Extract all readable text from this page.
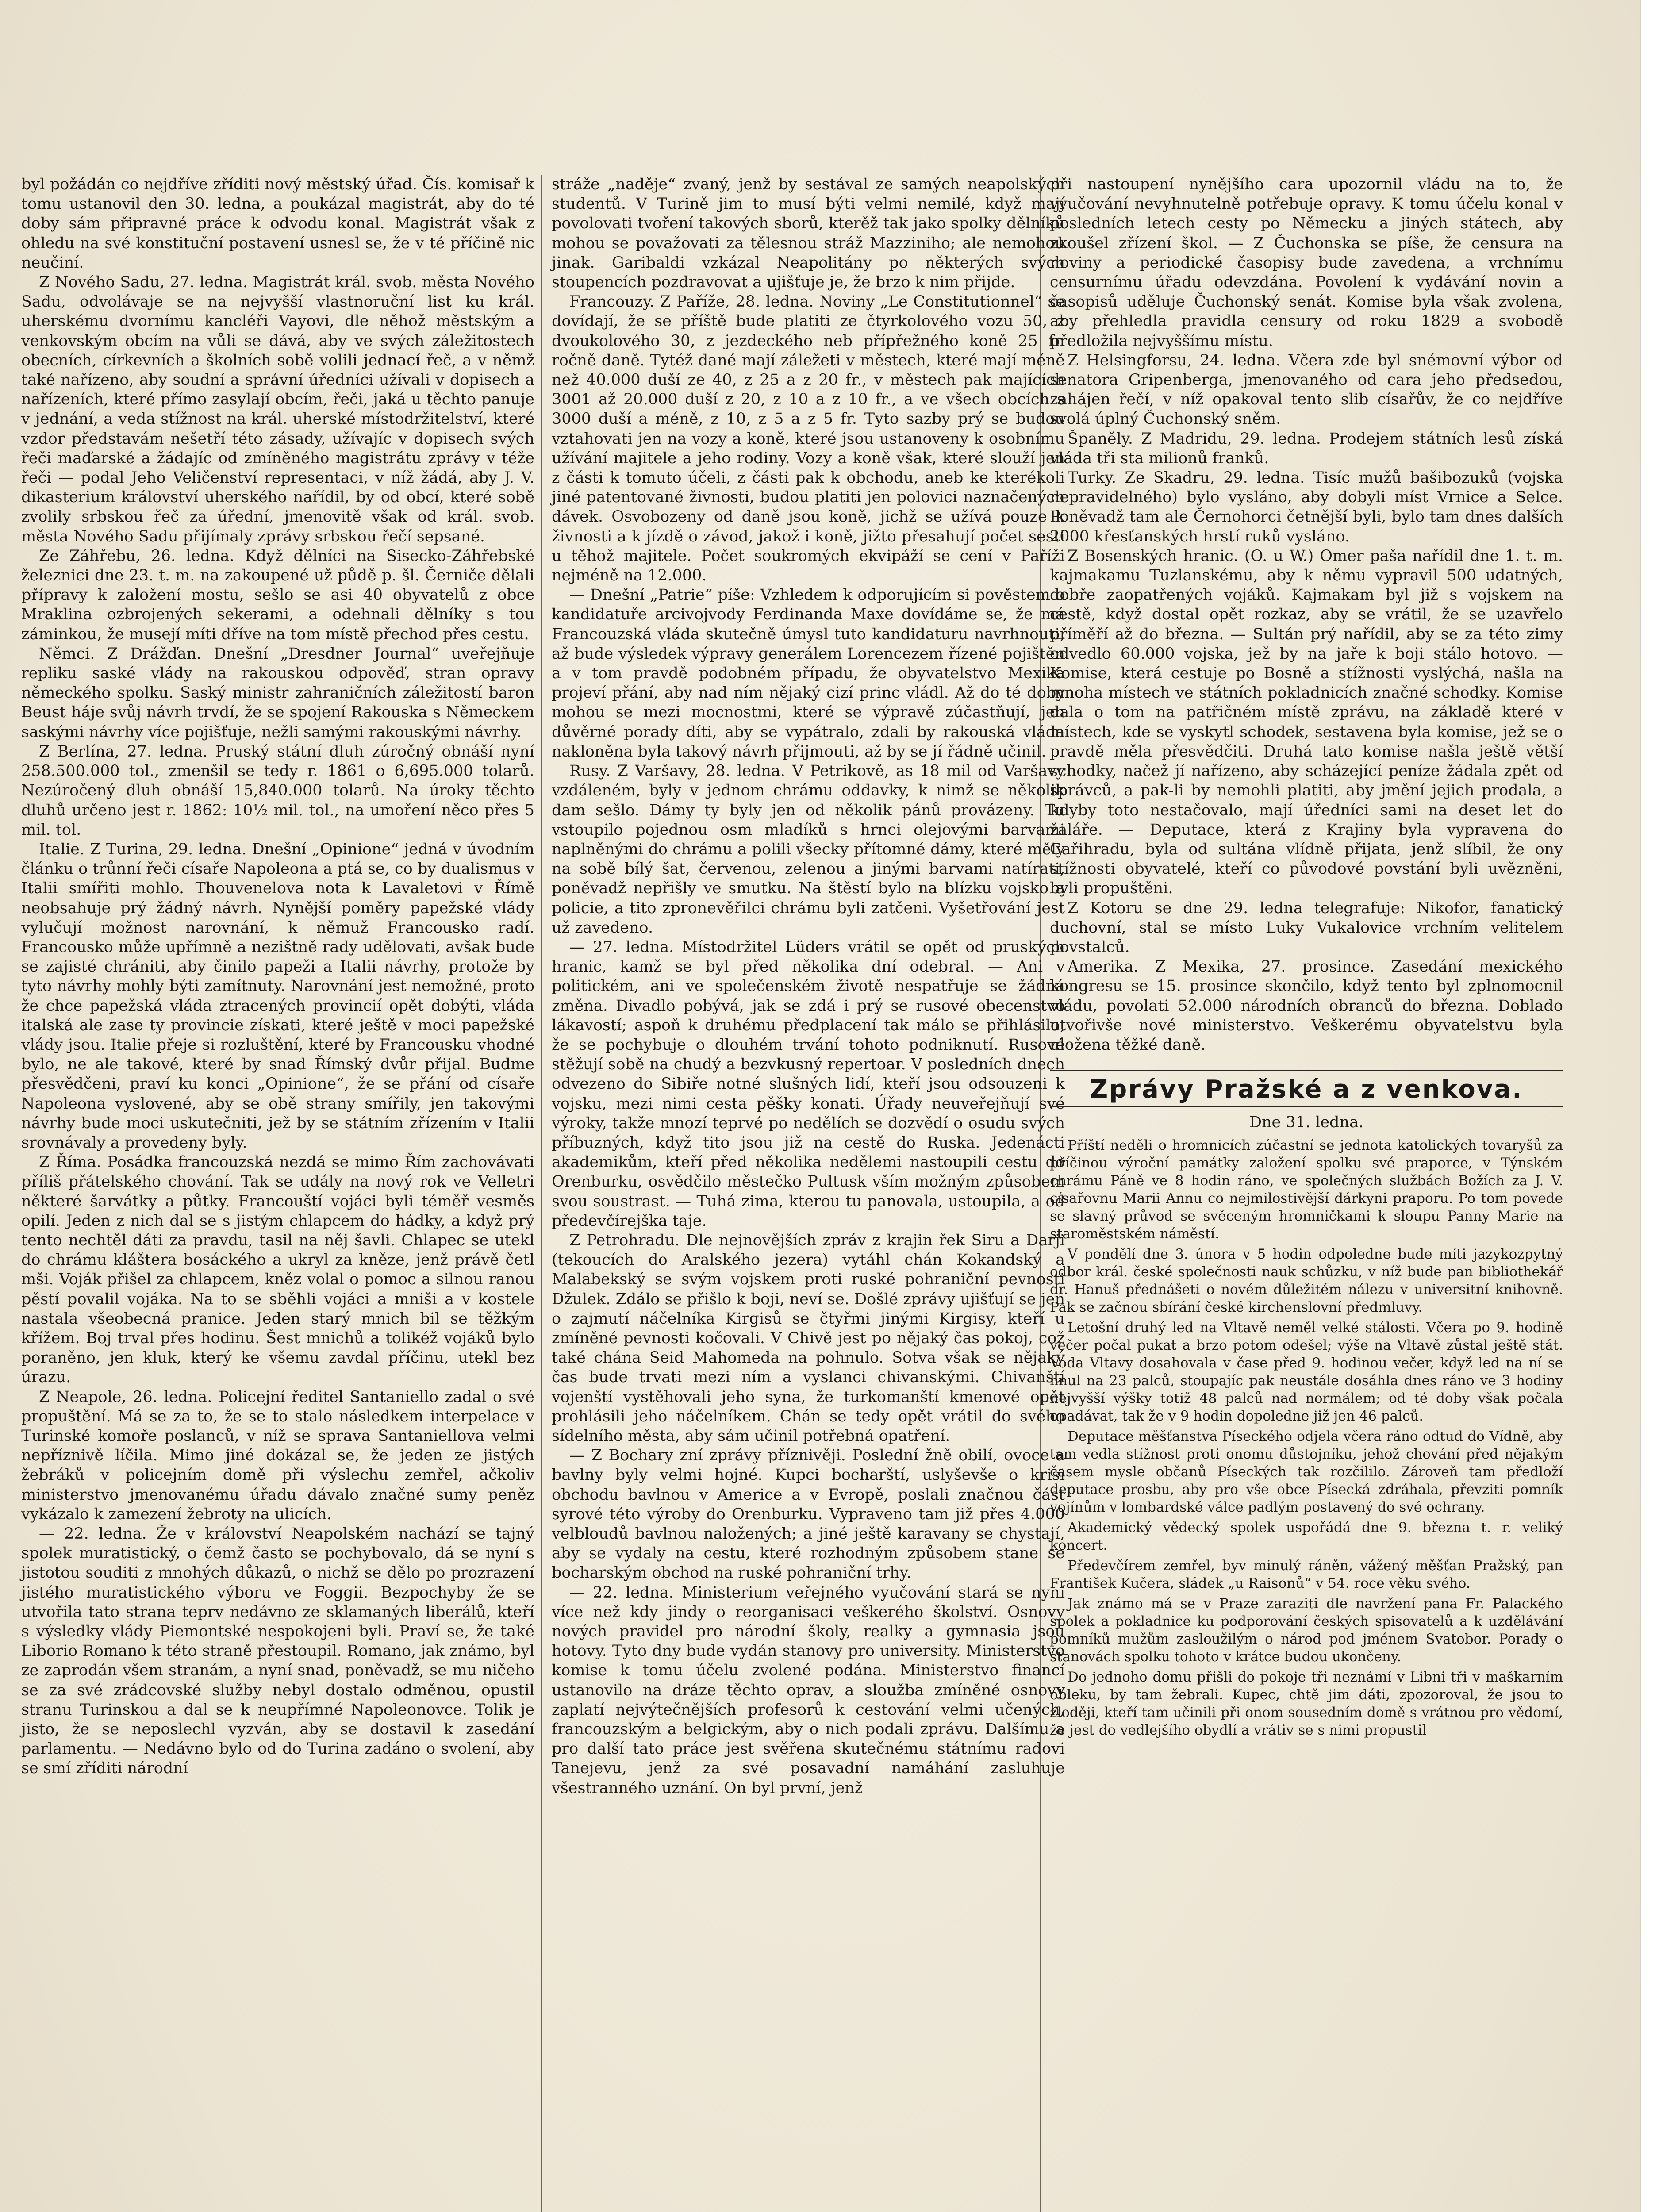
byl požádán co nejdříve zříditi nový městský úřad. Čís. komisař k tomu ustanovil den 30. ledna, a poukázal magistrát, aby do té doby sám připravné práce k odvodu konal. Magistrát však z ohledu na své konstituční postavení usnesl se, že v té příčině nic neučiní.

Z Nového Sadu, 27. ledna. Magistrát král. svob. města Nového Sadu, odvolávaje se na nejvyšší vlastnoruční list ku král. uherskému dvornímu kancléři Vayovi, dle něhož městským a venkovským obcím na vůli se dává, aby ve svých záležitostech obecních, církevních a školních sobě volili jednací řeč, a v němž také nařízeno, aby soudní a správní úředníci užívali v dopisech a nařízeních, které přímo zasylají obcím, řeči, jaká u těchto panuje v jednání, a veda stížnost na král. uherské místodržitelství, které vzdor představám nešetří této zásady, užívajíc v dopisech svých řeči maďarské a žádajíc od zmíněného magistrátu zprávy v téže řeči — podal Jeho Veličenství representaci, v níž žádá, aby J. V. dikasterium království uherského nařídil, by od obcí, které sobě zvolily srbskou řeč za úřední, jmenovitě však od král. svob. města Nového Sadu přijímaly zprávy srbskou řečí sepsané.

Ze Záhřebu, 26. ledna. Když dělníci na Sisecko-Záhřebské železnici dne 23. t. m. na zakoupené už půdě p. šl. Černiče dělali přípravy k založení mostu, sešlo se asi 40 obyvatelů z obce Mraklina ozbrojených sekerami, a odehnali dělníky s tou záminkou, že musejí míti dříve na tom místě přechod přes cestu.

Němci. Z Drážďan. Dnešní „Dresdner Journal“ uveřejňuje repliku saské vlády na rakouskou odpověď, stran opravy německého spolku. Saský ministr zahraničních záležitostí baron Beust háje svůj návrh trvdí, že se spojení Rakouska s Německem saskými návrhy více pojišťuje, nežli samými rakouskými návrhy.

Z Berlína, 27. ledna. Pruský státní dluh zúročný obnáší nyní 258.500.000 tol., zmenšil se tedy r. 1861 o 6,695.000 tolarů. Nezúročený dluh obnáší 15,840.000 tolarů. Na úroky těchto dluhů určeno jest r. 1862: 10½ mil. tol., na umoření něco přes 5 mil. tol.

Italie. Z Turina, 29. ledna. Dnešní „Opinione“ jedná v úvodním článku o trůnní řeči císaře Napoleona a ptá se, co by dualismus v Italii smířiti mohlo. Thouvenelova nota k Lavaletovi v Římě neobsahuje prý žádný návrh. Nynější poměry papežské vlády vylučují možnost narovnání, k němuž Francousko radí. Francousko může upřímně a nezištně rady udělovati, avšak bude se zajisté chrániti, aby činilo papeži a Italii návrhy, protože by tyto návrhy mohly býti zamítnuty. Narovnání jest nemožné, proto že chce papežská vláda ztracených provincií opět dobýti, vláda italská ale zase ty provincie získati, které ještě v moci papežské vlády jsou. Italie přeje si rozluštění, které by Francousku vhodné bylo, ne ale takové, které by snad Římský dvůr přijal. Budme přesvědčeni, praví ku konci „Opinione“, že se přání od císaře Napoleona vyslovené, aby se obě strany smířily, jen takovými návrhy bude moci uskutečniti, jež by se státním zřízením v Italii srovnávaly a provedeny byly.

Z Říma. Posádka francouzská nezdá se mimo Řím zachovávati příliš přátelského chování. Tak se udály na nový rok ve Velletri některé šarvátky a půtky. Francouští vojáci byli téměř vesměs opilí. Jeden z nich dal se s jistým chlapcem do hádky, a když prý tento nechtěl dáti za pravdu, tasil na něj šavli. Chlapec se utekl do chrámu kláštera bosáckého a ukryl za kněze, jenž právě četl mši. Voják přišel za chlapcem, kněz volal o pomoc a silnou ranou pěstí povalil vojáka. Na to se sběhli vojáci a mniši a v kostele nastala všeobecná pranice. Jeden starý mnich bil se těžkým křížem. Boj trval přes hodinu. Šest mnichů a tolikéž vojáků bylo poraněno, jen kluk, který ke všemu zavdal příčinu, utekl bez úrazu.

Z Neapole, 26. ledna. Policejní ředitel Santaniello zadal o své propuštění. Má se za to, že se to stalo následkem interpelace v Turinské komoře poslanců, v níž se sprava Santaniellova velmi nepříznivě líčila. Mimo jiné dokázal se, že jeden ze jistých žebráků v policejním domě při výslechu zemřel, ačkoliv ministerstvo jmenovanému úřadu dávalo značné sumy peněz vykázalo k zamezení žebroty na ulicích.

— 22. ledna. Že v království Neapolském nachází se tajný spolek muratistický, o čemž často se pochybovalo, dá se nyní s jistotou souditi z mnohých důkazů, o nichž se dělo po prozrazení jistého muratistického výboru ve Foggii. Bezpochyby že se utvořila tato strana teprv nedávno ze sklamaných liberálů, kteří s výsledky vlády Piemontské nespokojeni byli. Praví se, že také Liborio Romano k této straně přestoupil. Romano, jak známo, byl ze zaprodán všem stranám, a nyní snad, poněvadž, se mu ničeho se za své zrádcovské služby nebyl dostalo odměnou, opustil stranu Turinskou a dal se k neupřímné Napoleonovce. Tolik je jisto, že se neposlechl vyzván, aby se dostavil k zasedání parlamentu. — Nedávno bylo od do Turina zadáno o svolení, aby se smí zříditi národní

stráže „naděje“ zvaný, jenž by sestával ze samých neapolských studentů. V Turině jim to musí býti velmi nemilé, když mají povolovati tvoření takových sborů, kterěž tak jako spolky dělníků mohou se považovati za tělesnou stráž Mazziniho; ale nemohou jinak. Garibaldi vzkázal Neapolitány po některých svých stoupencích pozdravovat a ujišťuje je, že brzo k nim přijde.

Francouzy. Z Paříže, 28. ledna. Noviny „Le Constitutionnel“ se dovídají, že se příště bude platiti ze čtyrkolového vozu 50, z dvoukolového 30, z jezdeckého neb přípřežného koně 25 fr. ročně daně. Tytéž dané mají záležeti v městech, které mají méně než 40.000 duší ze 40, z 25 a z 20 fr., v městech pak majících 3001 až 20.000 duší z 20, z 10 a z 10 fr., a ve všech obcích s 3000 duší a méně, z 10, z 5 a z 5 fr. Tyto sazby prý se budou vztahovati jen na vozy a koně, které jsou ustanoveny k osobnímu užívání majitele a jeho rodiny. Vozy a koně však, které slouží jen z části k tomuto účeli, z části pak k obchodu, aneb ke kterékoli jiné patentované živnosti, budou platiti jen polovici naznačených dávek. Osvobozeny od daně jsou koně, jichž se užívá pouze k živnosti a k jízdě o závod, jakož i koně, jižto přesahují počet sesti u těhož majitele. Počet soukromých ekvipáží se cení v Paříži nejméně na 12.000.

— Dnešní „Patrie“ píše: Vzhledem k odporujícím si pověstem o kandidatuře arcivojvody Ferdinanda Maxe dovídáme se, že má Francouzská vláda skutečně úmysl tuto kandidaturu navrhnouti, až bude výsledek výpravy generálem Lorencezem řízené pojištěn a v tom pravdě podobném případu, že obyvatelstvo Mexika projeví přání, aby nad ním nějaký cizí princ vládl. Až do té doby mohou se mezi mocnostmi, které se výpravě zúčastňují, jen důvěrné porady díti, aby se vypátralo, zdali by rakouská vláda nakloněna byla takový návrh přijmouti, až by se jí řádně učinil.

Rusy. Z Varšavy, 28. ledna. V Petrikově, as 18 mil od Varšavy vzdáleném, byly v jednom chrámu oddavky, k nimž se několik dam sešlo. Dámy ty byly jen od několik pánů provázeny. Tu vstoupilo pojednou osm mladíků s hrnci olejovými barvami naplněnými do chrámu a polili všecky přítomné dámy, které měly na sobě bílý šat, červenou, zelenou a jinými barvami natírati, poněvadž nepřišly ve smutku. Na štěstí bylo na blízku vojsko a policie, a tito zpronevěřilci chrámu byli zatčeni. Vyšetřování jest už zavedeno.

— 27. ledna. Místodržitel Lüders vrátil se opět od pruských hranic, kamž se byl před několika dní odebral. — Ani v politickém, ani ve společenském životě nespatřuje se žádná změna. Divadlo pobývá, jak se zdá i prý se rusové obecenstvo lákavostí; aspoň k druhému předplacení tak málo se přihlásilo, že se pochybuje o dlouhém trvání tohoto podniknutí. Rusové stěžují sobě na chudý a bezvkusný repertoar. V posledních dnech odvezeno do Sibiře notné slušných lidí, kteří jsou odsouzeni k vojsku, mezi nimi cesta pěšky konati. Úřady neuveřejňují své výroky, takže mnozí teprvé po nedělích se dozvědí o osudu svých příbuzných, když tito jsou již na cestě do Ruska. Jedenácti akademikům, kteří před několika nedělemi nastoupili cestu do Orenburku, osvědčilo městečko Pultusk vším možným způsobem svou soustrast. — Tuhá zima, kterou tu panovala, ustoupila, a od předevčírejška taje.

Z Petrohradu. Dle nejnovějších zpráv z krajin řek Siru a Darji (tekoucích do Aralského jezera) vytáhl chán Kokandský a Malabekský se svým vojskem proti ruské pohraniční pevnosti Džulek. Zdálo se přišlo k boji, neví se. Došlé zprávy ujišťují se jen o zajmutí náčelníka Kirgisů se čtyřmi jinými Kirgisy, kteří u zmíněné pevnosti kočovali. V Chivě jest po nějaký čas pokoj, což také chána Seid Mahomeda na pohnulo. Sotva však se nějaký čas bude trvati mezi ním a vyslanci chivanskými. Chivanští vojenští vystěhovali jeho syna, že turkomanští kmenové opět prohlásili jeho náčelníkem. Chán se tedy opět vrátil do svého sídelního města, aby sám učinil potřebná opatření.

— Z Bochary zní zprávy příznivěji. Poslední žně obilí, ovoce a bavlny byly velmi hojné. Kupci bocharští, uslyševše o krisi obchodu bavlnou v Americe a v Evropě, poslali značnou část syrové této výroby do Orenburku. Vypraveno tam již přes 4.000 velbloudů bavlnou naložených; a jiné ještě karavany se chystají, aby se vydaly na cestu, které rozhodným způsobem stane se bocharským obchod na ruské pohraniční trhy.

— 22. ledna. Ministerium veřejného vyučování stará se nyní více než kdy jindy o reorganisaci veškerého školství. Osnovy nových pravidel pro národní školy, realky a gymnasia jsou hotovy. Tyto dny bude vydán stanovy pro university. Ministerstvo komise k tomu účelu zvolené podána. Ministerstvo financí ustanovilo na dráze těchto oprav, a sloužba zmíněné osnovy zaplatí nejvýtečnějších profesorů k cestování velmi učených, francouzským a belgickým, aby o nich podali zprávu. Dalšímu a pro další tato práce jest svěřena skutečnému státnímu radovi Tanejevu, jenž za své posavadní namáhání zasluhuje všestranného uznání. On byl první, jenž

při nastoupení nynějšího cara upozornil vládu na to, že vyučování nevyhnutelně potřebuje opravy. K tomu účelu konal v posledních letech cesty po Německu a jiných státech, aby zkoušel zřízení škol. — Z Čuchonska se píše, že censura na noviny a periodické časopisy bude zavedena, a vrchnímu censurnímu úřadu odevzdána. Povolení k vydávání novin a časopisů uděluje Čuchonský senát. Komise byla však zvolena, aby přehledla pravidla censury od roku 1829 a svobodě předložila nejvyššímu místu.

Z Helsingforsu, 24. ledna. Včera zde byl snémovní výbor od senatora Gripenberga, jmenovaného od cara jeho předsedou, zahájen řečí, v níž opakoval tento slib císařův, že co nejdříve svolá úplný Čuchonský sněm.

Španěly. Z Madridu, 29. ledna. Prodejem státních lesů získá vláda tři sta milionů franků.

Turky. Ze Skadru, 29. ledna. Tisíc mužů bašibozuků (vojska nepravidelného) bylo vysláno, aby dobyli míst Vrnice a Selce. Poněvadž tam ale Černohorci četnější byli, bylo tam dnes dalších 2000 křesťanských hrstí ruků vysláno.

Z Bosenských hranic. (O. u W.) Omer paša nařídil dne 1. t. m. kajmakamu Tuzlanskému, aby k němu vypravil 500 udatných, dobře zaopatřených vojáků. Kajmakam byl již s vojskem na cestě, když dostal opět rozkaz, aby se vrátil, že se uzavřelo příměří až do března. — Sultán prý nařídil, aby se za této zimy odvedlo 60.000 vojska, jež by na jaře k boji stálo hotovo. — Komise, která cestuje po Bosně a stížnosti vyslýchá, našla na mnoha místech ve státních pokladnicích značné schodky. Komise dala o tom na patřičném místě zprávu, na základě které v místech, kde se vyskytl schodek, sestavena byla komise, jež se o pravdě měla přesvědčiti. Druhá tato komise našla ještě větší schodky, načež jí nařízeno, aby scházející peníze žádala zpět od správců, a pak-li by nemohli platiti, aby jmění jejich prodala, a kdyby toto nestačovalo, mají úředníci sami na deset let do žaláře. — Deputace, která z Krajiny byla vypravena do Cařihradu, byla od sultána vlídně přijata, jenž slíbil, že ony stížnosti obyvatelé, kteří co původové povstání byli uvězněni, byli propuštěni.

Z Kotoru se dne 29. ledna telegrafuje: Nikofor, fanatický duchovní, stal se místo Luky Vukalovice vrchním velitelem povstalců.

Amerika. Z Mexika, 27. prosince. Zasedání mexického kongresu se 15. prosince skončilo, když tento byl zplnomocnil vládu, povolati 52.000 národních obranců do března. Doblado utvořivše nové ministerstvo. Veškerému obyvatelstvu byla uložena těžké daně.

Zprávy Pražské a z venkova.
Dne 31. ledna.

Příští neděli o hromnicích zúčastní se jednota katolických tovaryšů za příčinou výroční památky založení spolku své praporce, v Týnském chrámu Páně ve 8 hodin ráno, ve společných službách Božích za J. V. císařovnu Marii Annu co nejmilostivější dárkyni praporu. Po tom povede se slavný průvod se svěceným hromničkami k sloupu Panny Marie na staroměstském náměstí.

V pondělí dne 3. února v 5 hodin odpoledne bude míti jazykozpytný odbor král. české společnosti nauk schůzku, v níž bude pan bibliothekář dr. Hanuš přednášeti o novém důležitém nálezu v universitní knihovně. Pak se začnou sbírání české kirchenslovní předmluvy.

Letošní druhý led na Vltavě neměl velké stálosti. Včera po 9. hodině večer počal pukat a brzo potom odešel; výše na Vltavě zůstal ještě stát. Voda Vltavy dosahovala v čase před 9. hodinou večer, když led na ní se hnul na 23 palců, stoupajíc pak neustále dosáhla dnes ráno ve 3 hodiny nejvyšší výšky totiž 48 palců nad normálem; od té doby však počala opadávat, tak že v 9 hodin dopoledne již jen 46 palců.

Deputace měšťanstva Píseckého odjela včera ráno odtud do Vídně, aby tam vedla stížnost proti onomu důstojníku, jehož chování před nějakým časem mysle občanů Píseckých tak rozčililo. Zároveň tam předloží deputace prosbu, aby pro vše obce Písecká zdráhala, převziti pomník vojínům v lombardské válce padlým postavený do své ochrany.

Akademický vědecký spolek uspořádá dne 9. března t. r. veliký koncert.

Předevčírem zemřel, byv minulý ráněn, vážený měšťan Pražský, pan František Kučera, sládek „u Raisonů“ v 54. roce věku svého.

Jak známo má se v Praze zaraziti dle navržení pana Fr. Palackého spolek a pokladnice ku podporování českých spisovatelů a k uzdělávání pomníků mužům zasloužilým o národ pod jménem Svatobor. Porady o stanovách spolku tohoto v krátce budou ukončeny.

Do jednoho domu přišli do pokoje tři neznámí v Libni tři v maškarním obleku, by tam žebrali. Kupec, chtě jim dáti, zpozoroval, že jsou to zloději, kteří tam učinili při onom sousedním domě s vrátnou pro vědomí, že jest do vedlejšího obydlí a vrátiv se s nimi propustil
